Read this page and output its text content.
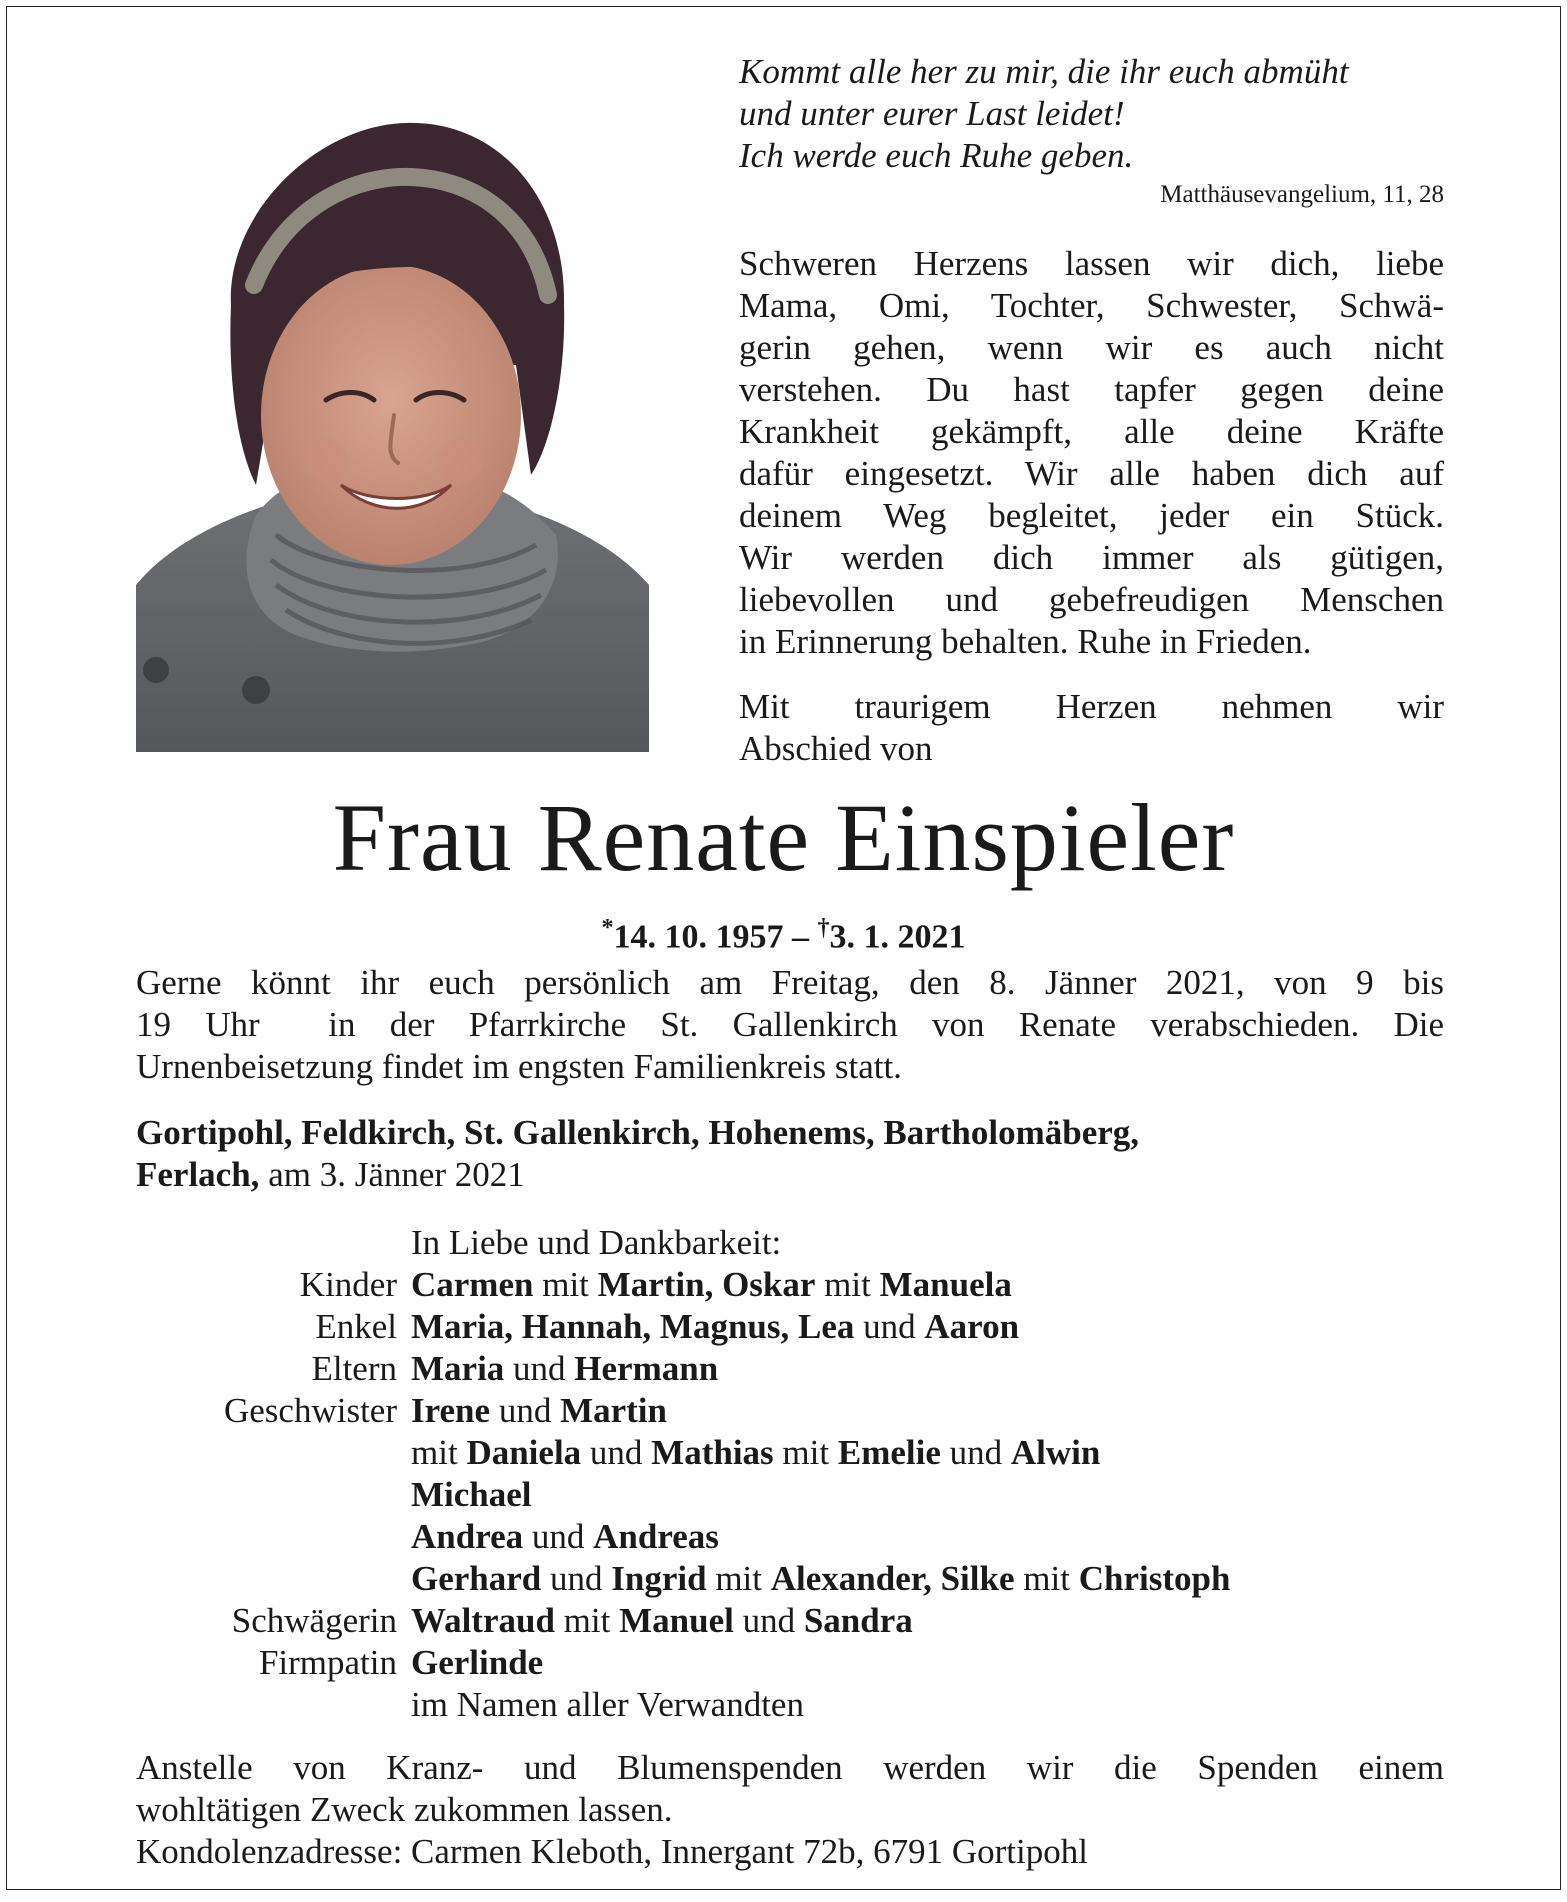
Kommt alle her zu mir, die ihr euch abmüht
und unter eurer Last leidet!
Ich werde euch Ruhe geben.
Matthäusevangelium, 11, 28
Schweren Herzens lassen wir dich, liebe
Mama, Omi, Tochter, Schwester, Schwä-
gerin gehen, wenn wir es auch nicht
verstehen. Du hast tapfer gegen deine
Krankheit gekämpft, alle deine Kräfte
dafür eingesetzt. Wir alle haben dich auf
deinem Weg begleitet, jeder ein Stück.
Wir werden dich immer als gütigen,
liebevollen und gebefreudigen Menschen
in Erinnerung behalten. Ruhe in Frieden.
Mit traurigem Herzen nehmen wir
Abschied von
Frau Renate Einspieler
*14. 10. 1957 – †3. 1. 2021
Gerne könnt ihr euch persönlich am Freitag, den 8. Jänner 2021, von 9 bis
19 Uhr  in der Pfarrkirche St. Gallenkirch von Renate verabschieden. Die
Urnenbeisetzung findet im engsten Familienkreis statt.
Gortipohl, Feldkirch, St. Gallenkirch, Hohenems, Bartholomäberg,
Ferlach, am 3. Jänner 2021
In Liebe und Dankbarkeit:
Kinder Carmen mit Martin, Oskar mit Manuela
Enkel Maria, Hannah, Magnus, Lea und Aaron
Eltern Maria und Hermann
Geschwister Irene und Martin
mit Daniela und Mathias mit Emelie und Alwin
Michael
Andrea und Andreas
Gerhard und Ingrid mit Alexander, Silke mit Christoph
Schwägerin Waltraud mit Manuel und Sandra
Firmpatin Gerlinde
im Namen aller Verwandten
Anstelle von Kranz- und Blumenspenden werden wir die Spenden einem
wohltätigen Zweck zukommen lassen.
Kondolenzadresse: Carmen Kleboth, Innergant 72b, 6791 Gortipohl
